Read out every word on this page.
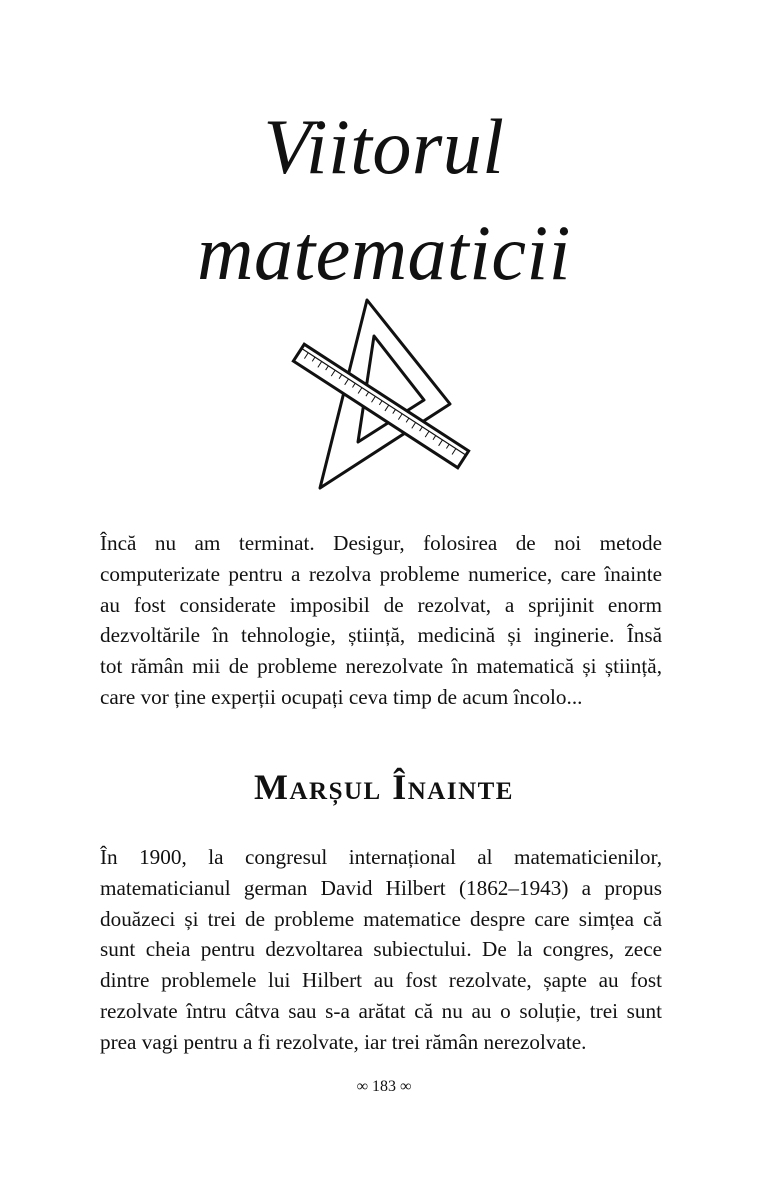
Viitorul
matematicii

Încă nu am terminat. Desigur, folosirea de noi metode
computerizate pentru a rezolva probleme numerice, care înainte
au fost considerate imposibil de rezolvat, a sprijinit enorm
dezvoltările în tehnologie, știință, medicină și inginerie. Însă
tot rămân mii de probleme nerezolvate în matematică și știință,
care vor ține experții ocupați ceva timp de acum încolo...

Marșul Înainte

În 1900, la congresul internațional al matematicienilor,
matematicianul german David Hilbert (1862–1943) a propus
douăzeci și trei de probleme matematice despre care simțea că
sunt cheia pentru dezvoltarea subiectului. De la congres, zece
dintre problemele lui Hilbert au fost rezolvate, șapte au fost
rezolvate întru câtva sau s-a arătat că nu au o soluție, trei sunt
prea vagi pentru a fi rezolvate, iar trei rămân nerezolvate.

∞ 183 ∞
